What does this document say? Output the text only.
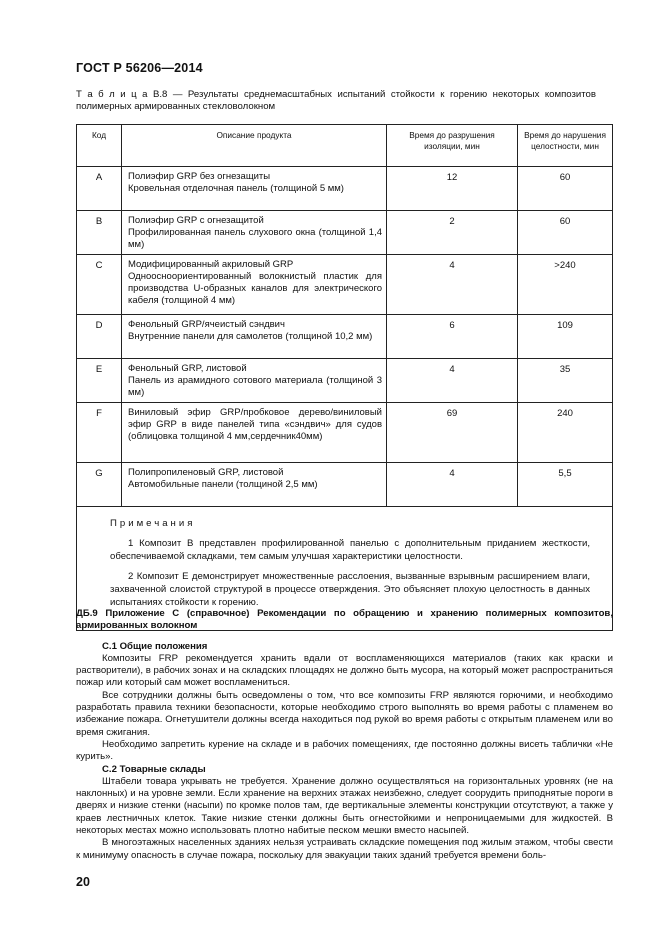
ГОСТ Р 56206—2014
Т а б л и ц а В.8 — Результаты среднемасштабных испытаний стойкости к горению некоторых композитов полимерных армированных стекловолокном
Код	Описание продукта	Время до разрушения изоляции, мин	Время до нарушения целостности, мин
A	Полиэфир GRP без огнезащиты
Кровельная отделочная панель (толщиной 5 мм)	12	60
B	Полиэфир GRP с огнезащитой
Профилированная панель слухового окна (толщиной 1,4 мм)	2	60
C	Модифицированный акриловый GRP
Одноосноориентированный волокнистый пластик для производства U-образных каналов для электрического кабеля (толщиной 4 мм)	4	>240
D	Фенольный GRP/ячеистый сэндвич
Внутренние панели для самолетов (толщиной 10,2 мм)	6	109
E	Фенольный GRP, листовой
Панель из арамидного сотового материала (толщиной 3 мм)	4	35
F	Виниловый эфир GRP/пробковое дерево/виниловый эфир GRP в виде панелей типа «сэндвич» для судов (облицовка толщиной 4 мм,сердечник40мм)	69	240
G	Полипропиленовый GRP, листовой
Автомобильные панели (толщиной 2,5 мм)	4	5,5

Примечания

1 Композит B представлен профилированной панелью с дополнительным приданием жесткости, обеспечиваемой складками, тем самым улучшая характеристики целостности.

2 Композит E демонстрирует множественные расслоения, вызванные взрывным расширением влаги, захваченной слоистой структурой в процессе отверждения. Это объясняет плохую целостность в данных испытаниях стойкости к горению.			

ДБ.9 Приложение С (справочное) Рекомендации по обращению и хранению полимерных композитов, армированных волокном

С.1 Общие положения

Композиты FRP рекомендуется хранить вдали от воспламеняющихся материалов (таких как краски и растворители), в рабочих зонах и на складских площадях не должно быть мусора, на который может распространиться пожар или который сам может воспламениться.

Все сотрудники должны быть осведомлены о том, что все композиты FRP являются горючими, и необходимо разработать правила техники безопасности, которые необходимо строго выполнять во время работы с пламенем во избежание пожара. Огнетушители должны всегда находиться под рукой во время работы с открытым пламенем или во время сжигания.

Необходимо запретить курение на складе и в рабочих помещениях, где постоянно должны висеть таблички «Не курить».

С.2 Товарные склады

Штабели товара укрывать не требуется. Хранение должно осуществляться на горизонтальных уровнях (не на наклонных) и на уровне земли. Если хранение на верхних этажах неизбежно, следует соорудить приподнятые пороги в дверях и низкие стенки (насыпи) по кромке полов там, где вертикальные элементы конструкции отсутствуют, а также у краев лестничных клеток. Такие низкие стенки должны быть огнестойкими и непроницаемыми для жидкостей. В некоторых местах можно использовать плотно набитые песком мешки вместо насыпей.

В многоэтажных населенных зданиях нельзя устраивать складские помещения под жилым этажом, чтобы свести к минимуму опасность в случае пожара, поскольку для эвакуации таких зданий требуется времени боль-

20
